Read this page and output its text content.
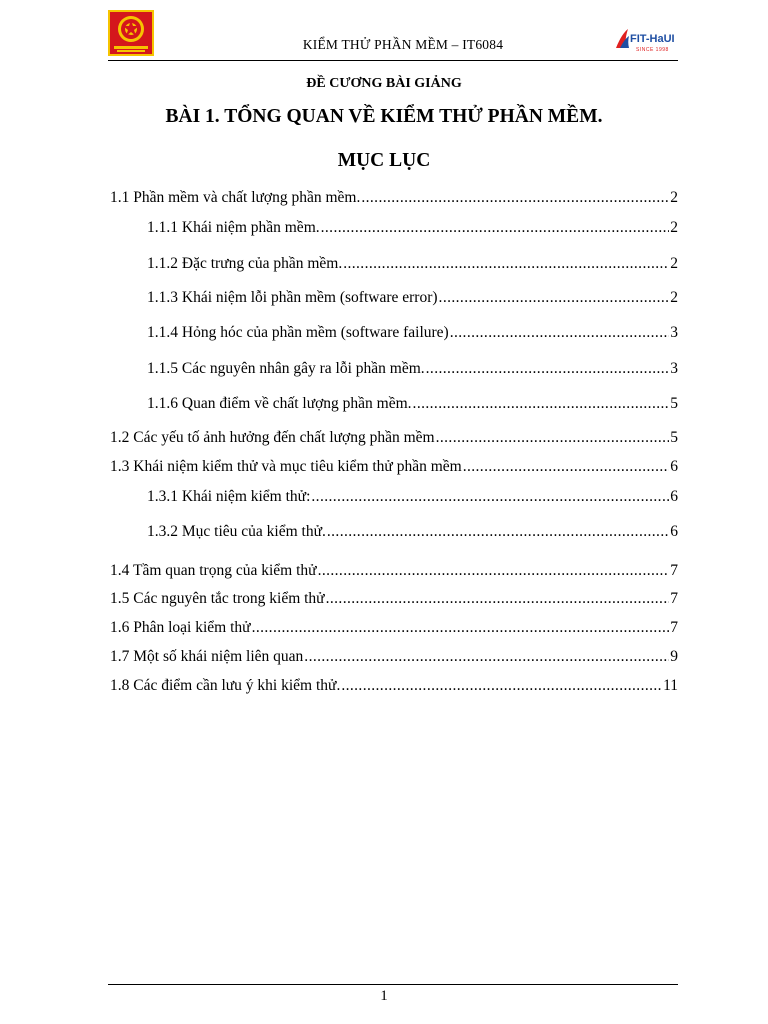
KIỂM THỬ PHẦN MỀM – IT6084	FIT-HaUI
SINCE 1998
ĐỀ CƯƠNG BÀI GIẢNG
BÀI 1. TỔNG QUAN VỀ KIỂM THỬ PHẦN MỀM.
MỤC LỤC
1.1 Phần mềm và chất lượng phần mềm. .....	2
1.1.1 Khái niệm phần mềm. .....	2
1.1.2 Đặc trưng của phần mềm. .....	2
1.1.3 Khái niệm lỗi phần mềm (software error) .....	2
1.1.4 Hỏng hóc của phần mềm (software failure) .....	3
1.1.5 Các nguyên nhân gây ra lỗi phần mềm. .....	3
1.1.6 Quan điểm về chất lượng phần mềm. .....	5
1.2 Các yếu tố ảnh hưởng đến chất lượng phần mềm .....	5
1.3 Khái niệm kiểm thử và mục tiêu kiểm thử phần mềm .....	6
1.3.1 Khái niệm kiểm thử: .....	6
1.3.2 Mục tiêu của kiểm thử. .....	6
1.4 Tầm quan trọng của kiểm thử .....	7
1.5 Các nguyên tắc trong kiểm thử .....	7
1.6 Phân loại kiểm thử .....	7
1.7 Một số khái niệm liên quan .....	9
1.8 Các điểm cần lưu ý khi kiểm thử. .....	11
1
